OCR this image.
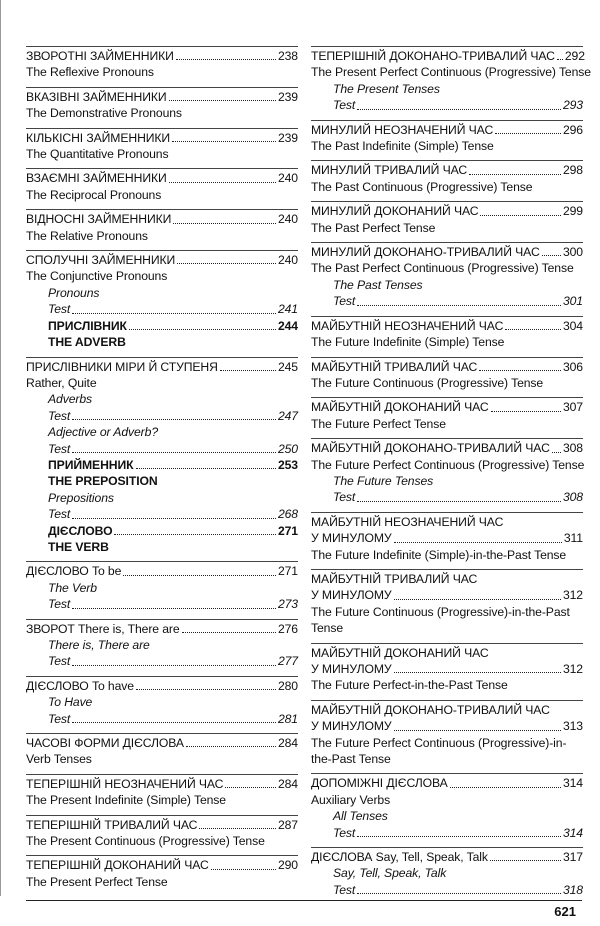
ЗВОРОТНІ ЗАЙМЕННИКИ	238
The Reflexive Pronouns
ВКАЗІВНІ ЗАЙМЕННИКИ	239
The Demonstrative Pronouns
КІЛЬКІСНІ ЗАЙМЕННИКИ	239
The Quantitative Pronouns
ВЗАЄМНІ ЗАЙМЕННИКИ	240
The Reciprocal Pronouns
ВІДНОСНІ ЗАЙМЕННИКИ	240
The Relative Pronouns
СПОЛУЧНІ ЗАЙМЕННИКИ	240
The Conjunctive Pronouns
Pronouns
Test	241
ПРИСЛІВНИК	244
THE ADVERB
ПРИСЛІВНИКИ МІРИ Й СТУПЕНЯ	245
Rather, Quite
Adverbs
Test	247
Adjective or Adverb?
Test	250
ПРИЙМЕННИК	253
THE PREPOSITION
Prepositions
Test	268
ДІЄСЛОВО	271
THE VERB
ДІЄСЛОВО To be	271
The Verb
Test	273
ЗВОРОТ There is, There are	276
There is, There are
Test	277
ДІЄСЛОВО To have	280
To Have
Test	281
ЧАСОВІ ФОРМИ ДІЄСЛОВА	284
Verb Tenses
ТЕПЕРІШНІЙ НЕОЗНАЧЕНИЙ ЧАС	284
The Present Indefinite (Simple) Tense
ТЕПЕРІШНІЙ ТРИВАЛИЙ ЧАС	287
The Present Continuous (Progressive) Tense
ТЕПЕРІШНІЙ ДОКОНАНИЙ ЧАС	290
The Present Perfect Tense
ТЕПЕРІШНІЙ ДОКОНАНО-ТРИВАЛИЙ ЧАС 292
The Present Perfect Continuous (Progressive) Tense
The Present Tenses
Test	293
МИНУЛИЙ НЕОЗНАЧЕНИЙ ЧАС	296
The Past Indefinite (Simple) Tense
МИНУЛИЙ ТРИВАЛИЙ ЧАС	298
The Past Continuous (Progressive) Tense
МИНУЛИЙ ДОКОНАНИЙ ЧАС	299
The Past Perfect Tense
МИНУЛИЙ ДОКОНАНО-ТРИВАЛИЙ ЧАС 300
The Past Perfect Continuous (Progressive) Tense
The Past Tenses
Test	301
МАЙБУТНІЙ НЕОЗНАЧЕНИЙ ЧАС	304
The Future Indefinite (Simple) Tense
МАЙБУТНІЙ ТРИВАЛИЙ ЧАС	306
The Future Continuous (Progressive) Tense
МАЙБУТНІЙ ДОКОНАНИЙ ЧАС	307
The Future Perfect Tense
МАЙБУТНІЙ ДОКОНАНО-ТРИВАЛИЙ ЧАС 308
The Future Perfect Continuous (Progressive) Tense
The Future Tenses
Test	308
МАЙБУТНІЙ НЕОЗНАЧЕНИЙ ЧАС
У МИНУЛОМУ	311
The Future Indefinite (Simple)-in-the-Past Tense
МАЙБУТНІЙ ТРИВАЛИЙ ЧАС
У МИНУЛОМУ	312
The Future Continuous (Progressive)-in-the-Past
Tense
МАЙБУТНІЙ ДОКОНАНИЙ ЧАС
У МИНУЛОМУ	312
The Future Perfect-in-the-Past Tense
МАЙБУТНІЙ ДОКОНАНО-ТРИВАЛИЙ ЧАС
У МИНУЛОМУ	313
The Future Perfect Continuous (Progressive)-in-
the-Past Tense
ДОПОМІЖНІ ДІЄСЛОВА	314
Auxiliary Verbs
All Tenses
Test	314
ДІЄСЛОВА Say, Tell, Speak, Talk	317
Say, Tell, Speak, Talk
Test	318
621
